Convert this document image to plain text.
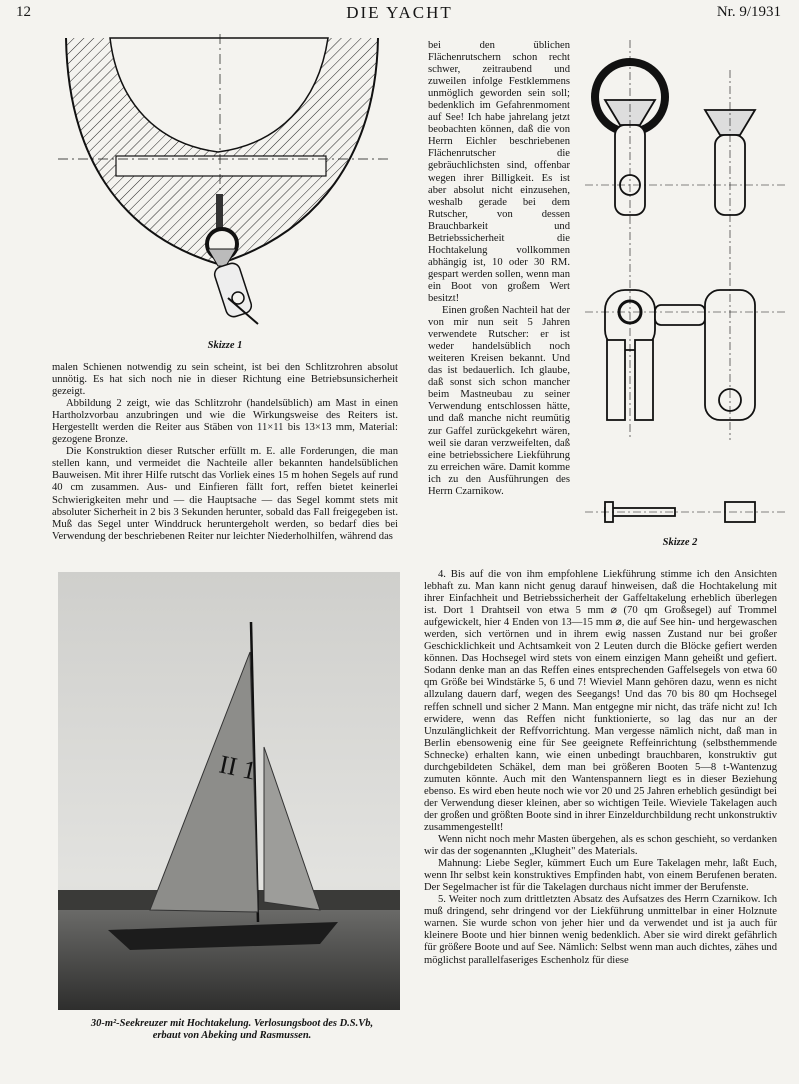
12	DIE YACHT	Nr. 9/1931
Skizze 1

malen Schienen notwendig zu sein scheint, ist bei den Schlitzrohren absolut unnötig. Es hat sich noch nie in dieser Richtung eine Betriebsunsicherheit gezeigt.

Abbildung 2 zeigt, wie das Schlitzrohr (handelsüblich) am Mast in einen Hartholzvorbau anzubringen und wie die Wirkungsweise des Reiters ist. Hergestellt werden die Reiter aus Stäben von 11×11 bis 13×13 mm, Material: gezogene Bronze.

Die Konstruktion dieser Rutscher erfüllt m. E. alle Forderungen, die man stellen kann, und vermeidet die Nachteile aller bekannten handelsüblichen Bauweisen. Mit ihrer Hilfe rutscht das Vorliek eines 15 m hohen Segels auf rund 40 cm zusammen. Aus- und Einfieren fällt fort, reffen bietet keinerlei Schwierigkeiten mehr und — die Hauptsache — das Segel kommt stets mit absoluter Sicherheit in 2 bis 3 Sekunden herunter, sobald das Fall freigegeben ist. Muß das Segel unter Winddruck heruntergeholt werden, so bedarf dies bei Verwendung der beschriebenen Reiter nur leichter Niederholhilfen, während das

bei den üblichen Flächenrutschern schon recht schwer, zeitraubend und zuweilen infolge Festklemmens unmöglich geworden sein soll; bedenklich im Gefahrenmoment auf See! Ich habe jahrelang jetzt beobachten können, daß die von Herrn Eichler beschriebenen Flächenrutscher die gebräuchlichsten sind, offenbar wegen ihrer Billigkeit. Es ist aber absolut nicht einzusehen, weshalb gerade bei dem Rutscher, von dessen Brauchbarkeit und Betriebssicherheit die Hochtakelung vollkommen abhängig ist, 10 oder 30 RM. gespart werden sollen, wenn man ein Boot von großem Wert besitzt!

Einen großen Nachteil hat der von mir nun seit 5 Jahren verwendete Rutscher: er ist weder handelsüblich noch weiteren Kreisen bekannt. Und das ist bedauerlich. Ich glaube, daß sonst sich schon mancher beim Mastneubau zu seiner Verwendung entschlossen hätte, und daß manche nicht reumütig zur Gaffel zurückgekehrt wären, weil sie daran verzweifelten, daß eine betriebssichere Liekführung zu erreichen wäre. Damit komme ich zu den Ausführungen des Herrn Czarnikow.

Skizze 2
II 1
30-m²-Seekreuzer mit Hochtakelung. Verlosungsboot des D.S.Vb,
erbaut von Abeking und Rasmussen.

4. Bis auf die von ihm empfohlene Liekführung stimme ich den Ansichten lebhaft zu. Man kann nicht genug darauf hinweisen, daß die Hochtakelung mit ihrer Einfachheit und Betriebssicherheit der Gaffeltakelung erheblich überlegen ist. Dort 1 Drahtseil von etwa 5 mm ⌀ (70 qm Großsegel) auf Trommel aufgewickelt, hier 4 Enden von 13—15 mm ⌀, die auf See hin- und hergewaschen werden, sich vertörnen und in ihrem ewig nassen Zustand nur bei großer Geschicklichkeit und Achtsamkeit von 2 Leuten durch die Blöcke gefiert werden können. Das Hochsegel wird stets von einem einzigen Mann geheißt und gefiert. Sodann denke man an das Reffen eines entsprechenden Gaffelsegels von etwa 60 qm Größe bei Windstärke 5, 6 und 7! Wieviel Mann gehören dazu, wenn es nicht allzulang dauern darf, wegen des Seegangs! Und das 70 bis 80 qm Hochsegel reffen schnell und sicher 2 Mann. Man entgegne mir nicht, das träfe nicht zu! Ich erwidere, wenn das Reffen nicht funktionierte, so lag das nur an der Unzulänglichkeit der Reffvorrichtung. Man vergesse nämlich nicht, daß man in Berlin ebensowenig eine für See geeignete Reffeinrichtung (selbsthemmende Schnecke) erhalten kann, wie einen unbedingt brauchbaren, konstruktiv gut durchgebildeten Schäkel, dem man bei größeren Booten 5—8 t-Wantenzug zumuten könnte. Auch mit den Wantenspannern liegt es in dieser Beziehung ebenso. Es wird eben heute noch wie vor 20 und 25 Jahren erheblich gesündigt bei der Verwendung dieser kleinen, aber so wichtigen Teile. Wieviele Takelagen auch der großen und größten Boote sind in ihrer Einzeldurchbildung recht unkonstruktiv zusammengestellt!

Wenn nicht noch mehr Masten übergehen, als es schon geschieht, so verdanken wir das der sogenannten „Klugheit" des Materials.

Mahnung: Liebe Segler, kümmert Euch um Eure Takelagen mehr, laßt Euch, wenn Ihr selbst kein konstruktives Empfinden habt, von einem Berufenen beraten. Der Segelmacher ist für die Takelagen durchaus nicht immer der Berufenste.

5. Weiter noch zum drittletzten Absatz des Aufsatzes des Herrn Czarnikow. Ich muß dringend, sehr dringend vor der Liekführung unmittelbar in einer Holznute warnen. Sie wurde schon von jeher hier und da verwendet und ist ja auch für kleinere Boote und hier binnen wenig bedenklich. Aber sie wird direkt gefährlich für größere Boote und auf See. Nämlich: Selbst wenn man auch dichtes, zähes und möglichst parallelfaseriges Eschenholz für diese
